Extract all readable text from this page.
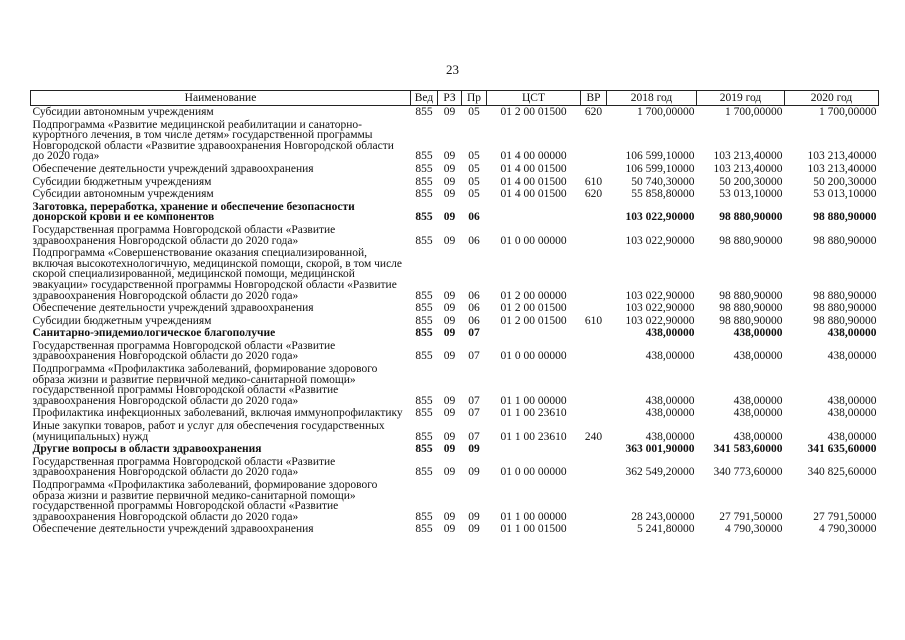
23
Наименование	Вед	РЗ	Пр	ЦСТ	ВР	2018 год	2019 год	2020 год
Субсидии автономным учреждениям	855	09	05	01 2 00 01500	620	1 700,00000	1 700,00000	1 700,00000
Подпрограмма «Развитие медицинской реабилитации и санаторно-курортного лечения, в том числе детям» государственной программы Новгородской области «Развитие здравоохранения Новгородской области до 2020 года»	855	09	05	01 4 00 00000		106 599,10000	103 213,40000	103 213,40000
Обеспечение деятельности учреждений здравоохранения	855	09	05	01 4 00 01500		106 599,10000	103 213,40000	103 213,40000
Субсидии бюджетным учреждениям	855	09	05	01 4 00 01500	610	50 740,30000	50 200,30000	50 200,30000
Субсидии автономным учреждениям	855	09	05	01 4 00 01500	620	55 858,80000	53 013,10000	53 013,10000
Заготовка, переработка, хранение и обеспечение безопасности донорской крови и ее компонентов	855	09	06			103 022,90000	98 880,90000	98 880,90000
Государственная программа Новгородской области «Развитие здравоохранения Новгородской области до 2020 года»	855	09	06	01 0 00 00000		103 022,90000	98 880,90000	98 880,90000
Подпрограмма «Совершенствование оказания специализированной, включая высокотехнологичную, медицинской помощи, скорой, в том числе скорой специализированной, медицинской помощи, медицинской эвакуации» государственной программы Новгородской области «Развитие здравоохранения Новгородской области до 2020 года»	855	09	06	01 2 00 00000		103 022,90000	98 880,90000	98 880,90000
Обеспечение деятельности учреждений здравоохранения	855	09	06	01 2 00 01500		103 022,90000	98 880,90000	98 880,90000
Субсидии бюджетным учреждениям	855	09	06	01 2 00 01500	610	103 022,90000	98 880,90000	98 880,90000
Санитарно-эпидемиологическое благополучие	855	09	07			438,00000	438,00000	438,00000
Государственная программа Новгородской области «Развитие здравоохранения Новгородской области до 2020 года»	855	09	07	01 0 00 00000		438,00000	438,00000	438,00000
Подпрограмма «Профилактика заболеваний, формирование здорового образа жизни и развитие первичной медико-санитарной помощи» государственной программы Новгородской области «Развитие здравоохранения Новгородской области до 2020 года»	855	09	07	01 1 00 00000		438,00000	438,00000	438,00000
Профилактика инфекционных заболеваний, включая иммунопрофилактику	855	09	07	01 1 00 23610		438,00000	438,00000	438,00000
Иные закупки товаров, работ и услуг для обеспечения государственных (муниципальных) нужд	855	09	07	01 1 00 23610	240	438,00000	438,00000	438,00000
Другие вопросы в области здравоохранения	855	09	09			363 001,90000	341 583,60000	341 635,60000
Государственная программа Новгородской области «Развитие здравоохранения Новгородской области до 2020 года»	855	09	09	01 0 00 00000		362 549,20000	340 773,60000	340 825,60000
Подпрограмма «Профилактика заболеваний, формирование здорового образа жизни и развитие первичной медико-санитарной помощи» государственной программы Новгородской области «Развитие здравоохранения Новгородской области до 2020 года»	855	09	09	01 1 00 00000		28 243,00000	27 791,50000	27 791,50000
Обеспечение деятельности учреждений здравоохранения	855	09	09	01 1 00 01500		5 241,80000	4 790,30000	4 790,30000
